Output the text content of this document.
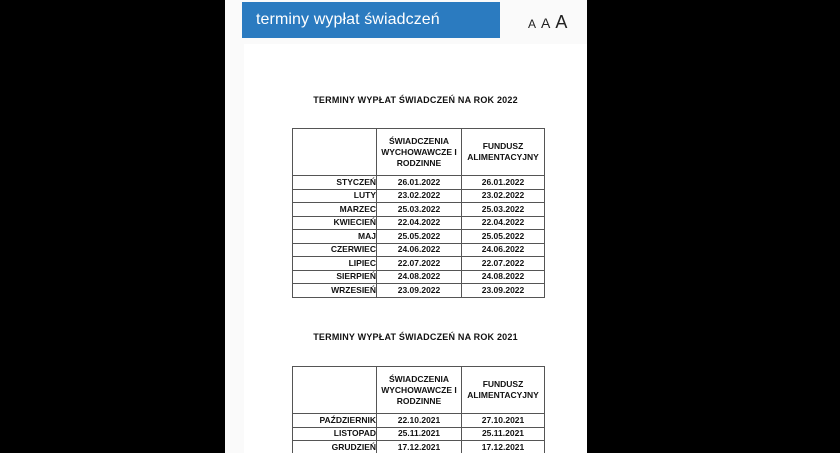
terminy wypłat świadczeń	A A A
TERMINY WYPŁAT ŚWIADCZEŃ NA ROK 2022
	ŚWIADCZENIA WYCHOWAWCZE I RODZINNE	FUNDUSZ ALIMENTACYJNY
STYCZEŃ	26.01.2022	26.01.2022
LUTY	23.02.2022	23.02.2022
MARZEC	25.03.2022	25.03.2022
KWIECIEŃ	22.04.2022	22.04.2022
MAJ	25.05.2022	25.05.2022
CZERWIEC	24.06.2022	24.06.2022
LIPIEC	22.07.2022	22.07.2022
SIERPIEŃ	24.08.2022	24.08.2022
WRZESIEŃ	23.09.2022	23.09.2022
TERMINY WYPŁAT ŚWIADCZEŃ NA ROK 2021
	ŚWIADCZENIA WYCHOWAWCZE I RODZINNE	FUNDUSZ ALIMENTACYJNY
PAŹDZIERNIK	22.10.2021	27.10.2021
LISTOPAD	25.11.2021	25.11.2021
GRUDZIEŃ	17.12.2021	17.12.2021
